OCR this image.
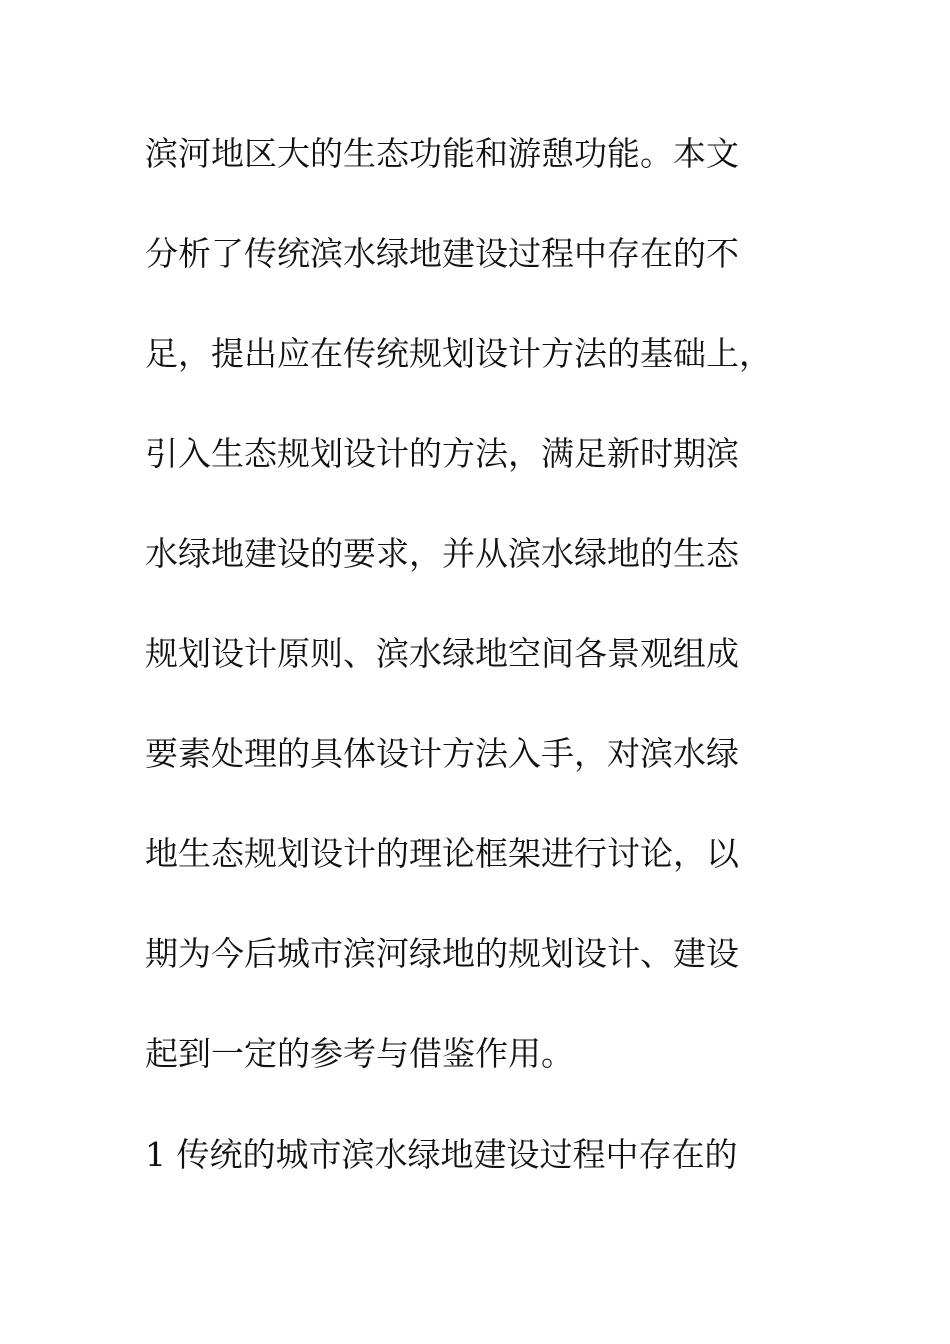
滨河地区大的生态功能和游憩功能。本文
分析了传统滨水绿地建设过程中存在的不
足，提出应在传统规划设计方法的基础上，
引入生态规划设计的方法，满足新时期滨
水绿地建设的要求，并从滨水绿地的生态
规划设计原则、滨水绿地空间各景观组成
要素处理的具体设计方法入手，对滨水绿
地生态规划设计的理论框架进行讨论，以
期为今后城市滨河绿地的规划设计、建设
起到一定的参考与借鉴作用。
1 传统的城市滨水绿地建设过程中存在的
